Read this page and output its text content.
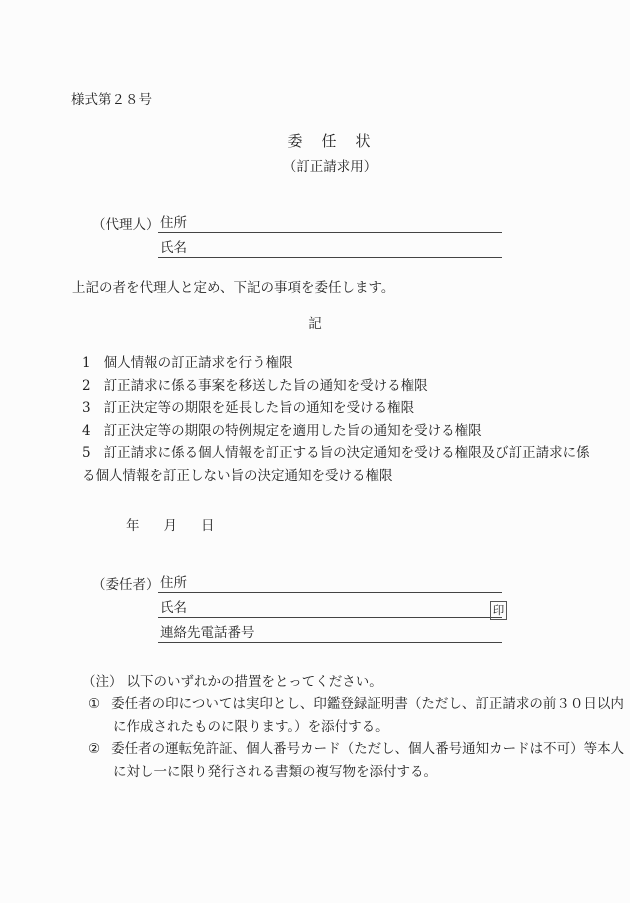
様式第２８号
委　任　状
（訂正請求用）
（代理人） 住所
氏名
上記の者を代理人と定め、下記の事項を委任します。
記
1 個人情報の訂正請求を行う権限
2 訂正請求に係る事案を移送した旨の通知を受ける権限
3 訂正決定等の期限を延長した旨の通知を受ける権限
4 訂正決定等の期限の特例規定を適用した旨の通知を受ける権限
5 訂正請求に係る個人情報を訂正する旨の決定通知を受ける権限及び訂正請求に係る個人情報を訂正しない旨の決定通知を受ける権限
年 月 日
（委任者） 住所
氏名	印
連絡先電話番号
（注） 以下のいずれかの措置をとってください。
① 委任者の印については実印とし、印鑑登録証明書（ただし、訂正請求の前３０日以内に作成されたものに限ります。）を添付する。
② 委任者の運転免許証、個人番号カード（ただし、個人番号通知カードは不可）等本人に対し一に限り発行される書類の複写物を添付する。
